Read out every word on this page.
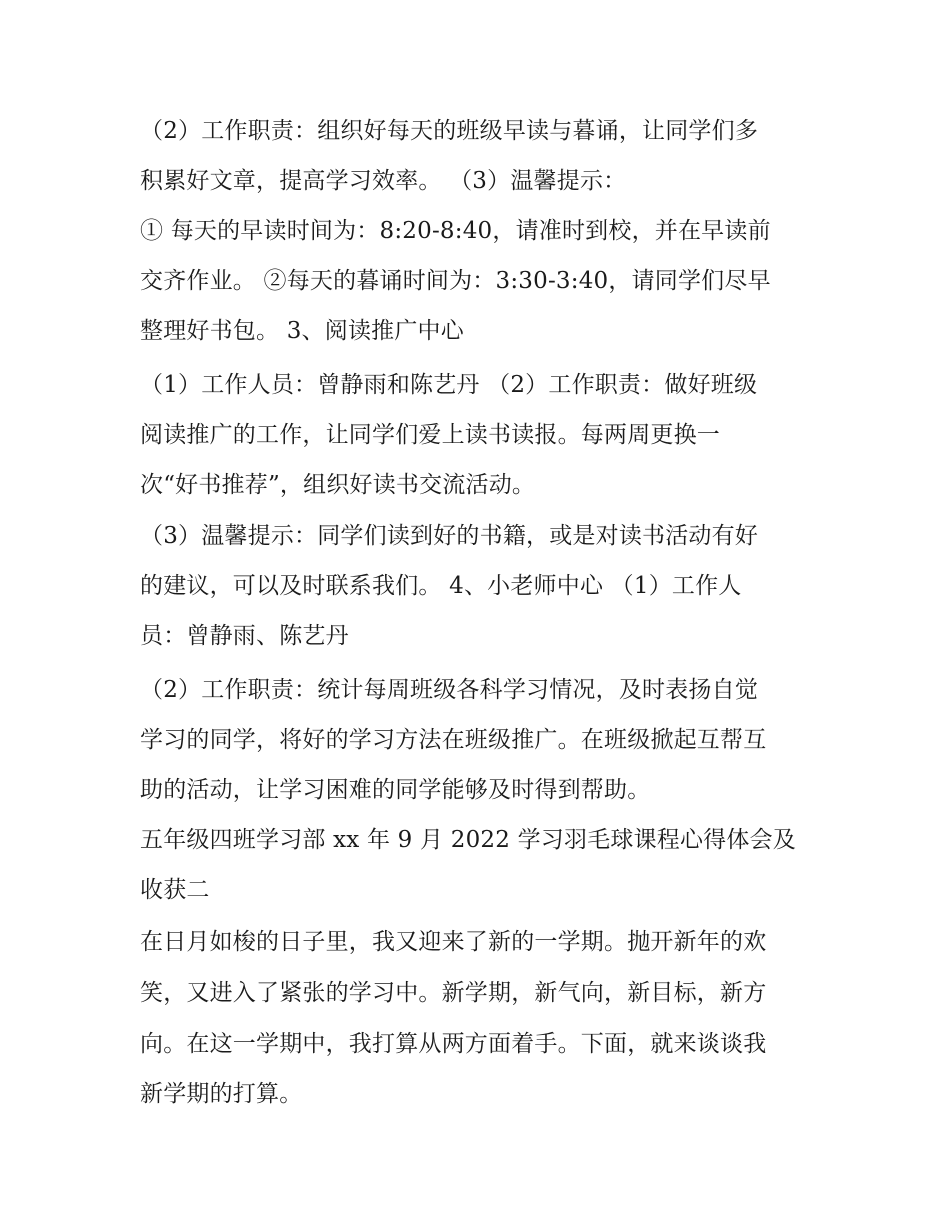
（2）工作职责：组织好每天的班级早读与暮诵，让同学们多
积累好文章，提高学习效率。 （3）温馨提示：
① 每天的早读时间为：8:20-8:40，请准时到校，并在早读前
交齐作业。 ②每天的暮诵时间为：3:30-3:40，请同学们尽早
整理好书包。 3、阅读推广中心
（1）工作人员：曾静雨和陈艺丹 （2）工作职责：做好班级
阅读推广的工作，让同学们爱上读书读报。每两周更换一
次“好书推荐”，组织好读书交流活动。
（3）温馨提示：同学们读到好的书籍，或是对读书活动有好
的建议，可以及时联系我们。 4、小老师中心 （1）工作人
员：曾静雨、陈艺丹
（2）工作职责：统计每周班级各科学习情况，及时表扬自觉
学习的同学，将好的学习方法在班级推广。在班级掀起互帮互
助的活动，让学习困难的同学能够及时得到帮助。
五年级四班学习部 xx 年 9 月 2022 学习羽毛球课程心得体会及
收获二
在日月如梭的日子里，我又迎来了新的一学期。抛开新年的欢
笑，又进入了紧张的学习中。新学期，新气向，新目标，新方
向。在这一学期中，我打算从两方面着手。下面，就来谈谈我
新学期的打算。
